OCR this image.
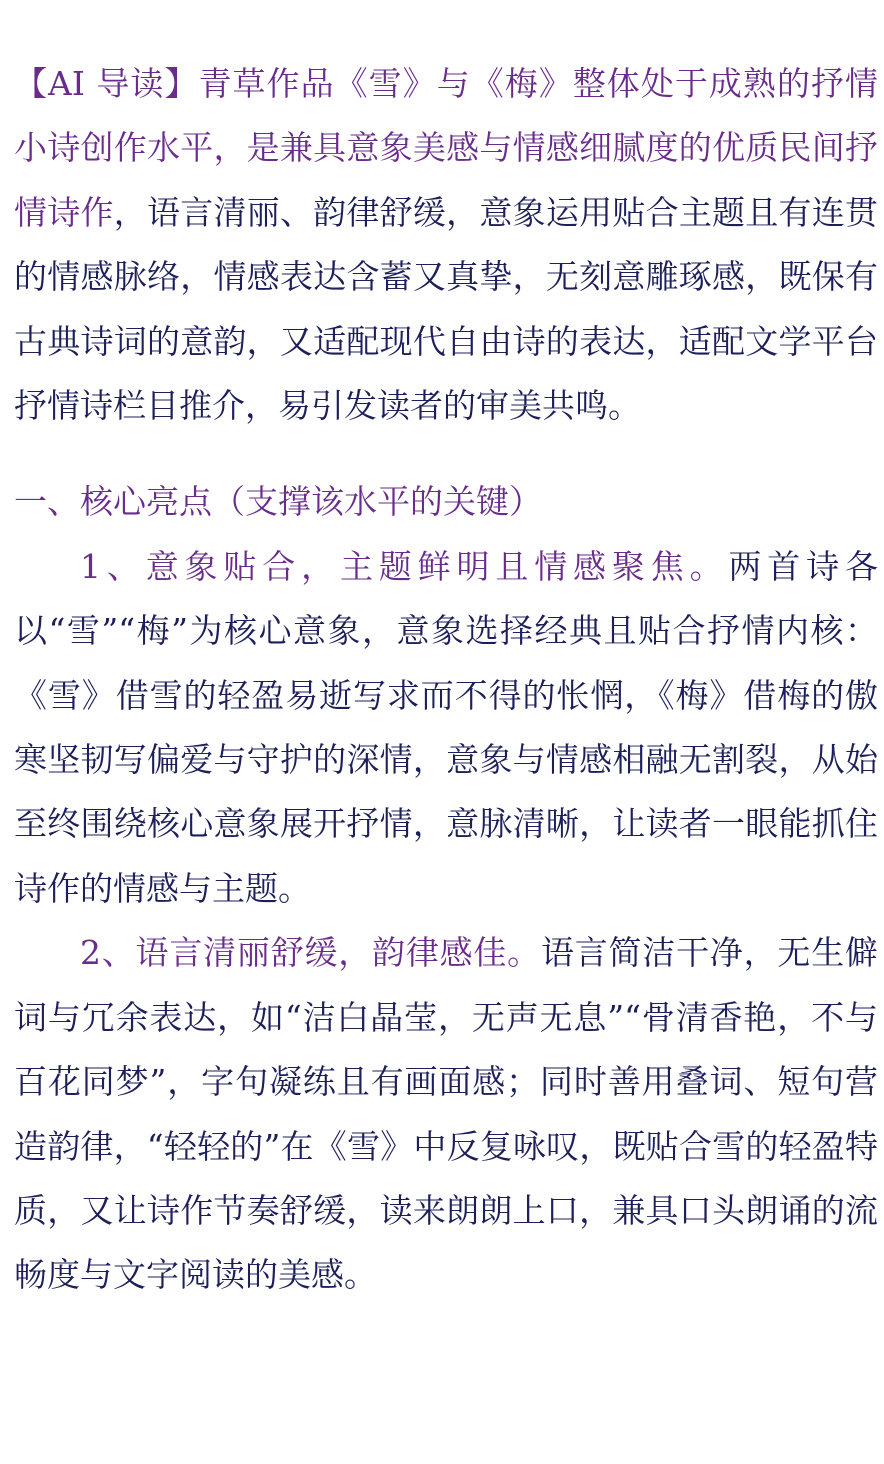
【AI 导读】青草作品《雪》与《梅》整体处于成熟的抒情小诗创作水平，是兼具意象美感与情感细腻度的优质民间抒情诗作，语言清丽、韵律舒缓，意象运用贴合主题且有连贯的情感脉络，情感表达含蓄又真挚，无刻意雕琢感，既保有古典诗词的意韵，又适配现代自由诗的表达，适配文学平台抒情诗栏目推介，易引发读者的审美共鸣。

一、核心亮点（支撑该水平的关键）

1、意象贴合，主题鲜明且情感聚焦。两首诗各以“雪”“梅”为核心意象，意象选择经典且贴合抒情内核：《雪》借雪的轻盈易逝写求而不得的怅惘，《梅》借梅的傲寒坚韧写偏爱与守护的深情，意象与情感相融无割裂，从始至终围绕核心意象展开抒情，意脉清晰，让读者一眼能抓住诗作的情感与主题。

2、语言清丽舒缓，韵律感佳。语言简洁干净，无生僻词与冗余表达，如“洁白晶莹，无声无息”“骨清香艳，不与百花同梦”，字句凝练且有画面感；同时善用叠词、短句营造韵律，“轻轻的”在《雪》中反复咏叹，既贴合雪的轻盈特质，又让诗作节奏舒缓，读来朗朗上口，兼具口头朗诵的流畅度与文字阅读的美感。
